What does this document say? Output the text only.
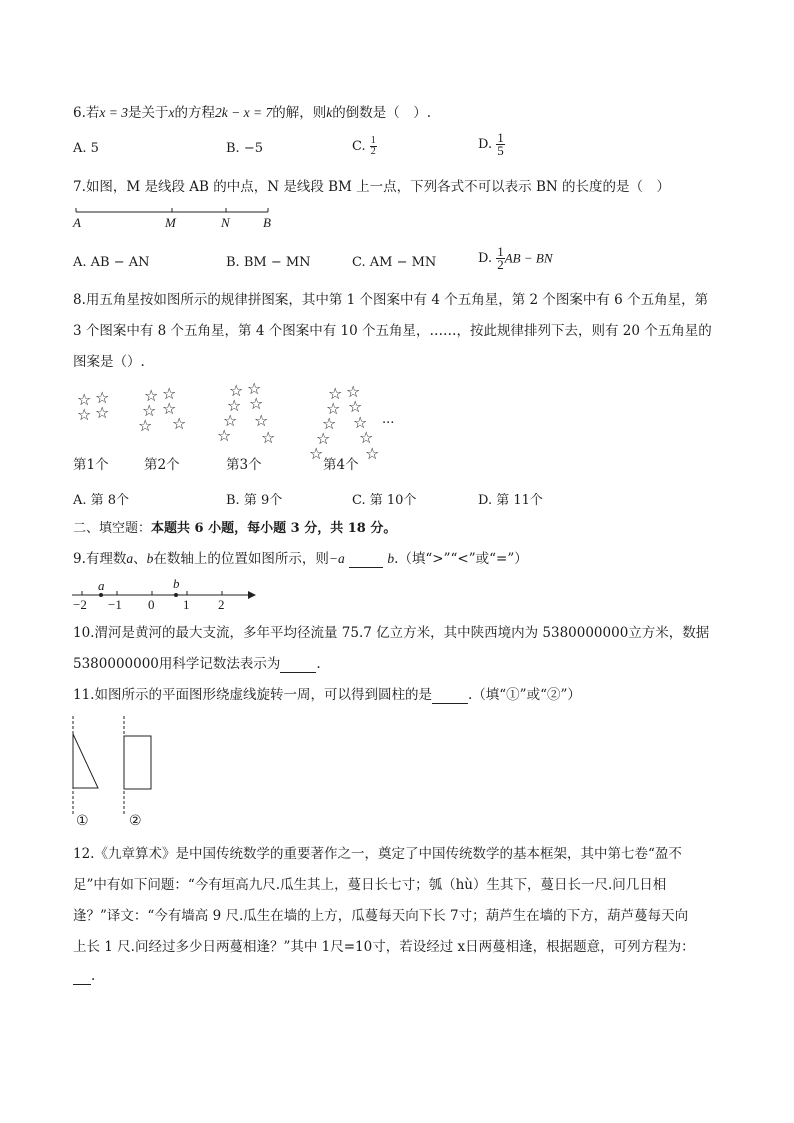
6.若x = 3是关于x的方程2k − x = 7的解，则k的倒数是（　）.
A. 5	B. −5	C. $\frac{1}{2}$	D. $\frac{1}{5}$
7.如图，M 是线段 AB 的中点，N 是线段 BM 上一点，下列各式不可以表示 BN 的长度的是（　）
A	M	N	B
A. AB − AN	B. BM − MN	C. AM − MN	D. $\frac{1}{2}$ AB − BN
8.用五角星按如图所示的规律拼图案，其中第 1 个图案中有 4 个五角星，第 2 个图案中有 6 个五角星，第
3 个图案中有 8 个五角星，第 4 个图案中有 10 个五角星，……，按此规律排列下去，则有 20 个五角星的
图案是（）.
☆ ☆
☆ ☆
☆ ☆
☆ ☆
☆ ☆
☆ ☆
☆ ☆
☆ ☆
☆ ☆
☆ ☆
☆ ☆
☆ ☆
☆ ☆
☆	☆
...
第1个	第2个	第3个	第4个
A. 第 8个	B. 第 9个	C. 第 10个	D. 第 11个
二、填空题：本题共 6 小题，每小题 3 分，共 18 分。
9.有理数a、b在数轴上的位置如图所示，则−a	b.（填“>”“<”或“=”）
a	b
−2 −1 0 1 2
10.渭河是黄河的最大支流，多年平均径流量 75.7 亿立方米，其中陕西境内为 5380000000立方米，数据
5380000000用科学记数法表示为	.
11.如图所示的平面图形绕虚线旋转一周，可以得到圆柱的是	.（填“①”或“②”）
①	②
12.《九章算术》是中国传统数学的重要著作之一，奠定了中国传统数学的基本框架，其中第七卷“盈不
足”中有如下问题：“今有垣高九尺.瓜生其上，蔓日长七寸；瓠（hù）生其下，蔓日长一尺.问几日相
逢？”译文：“今有墙高 9 尺.瓜生在墙的上方，瓜蔓每天向下长 7寸；葫芦生在墙的下方，葫芦蔓每天向
上长 1 尺.问经过多少日两蔓相逢？”其中 1尺=10寸，若设经过 x日两蔓相逢，根据题意，可列方程为：
.
